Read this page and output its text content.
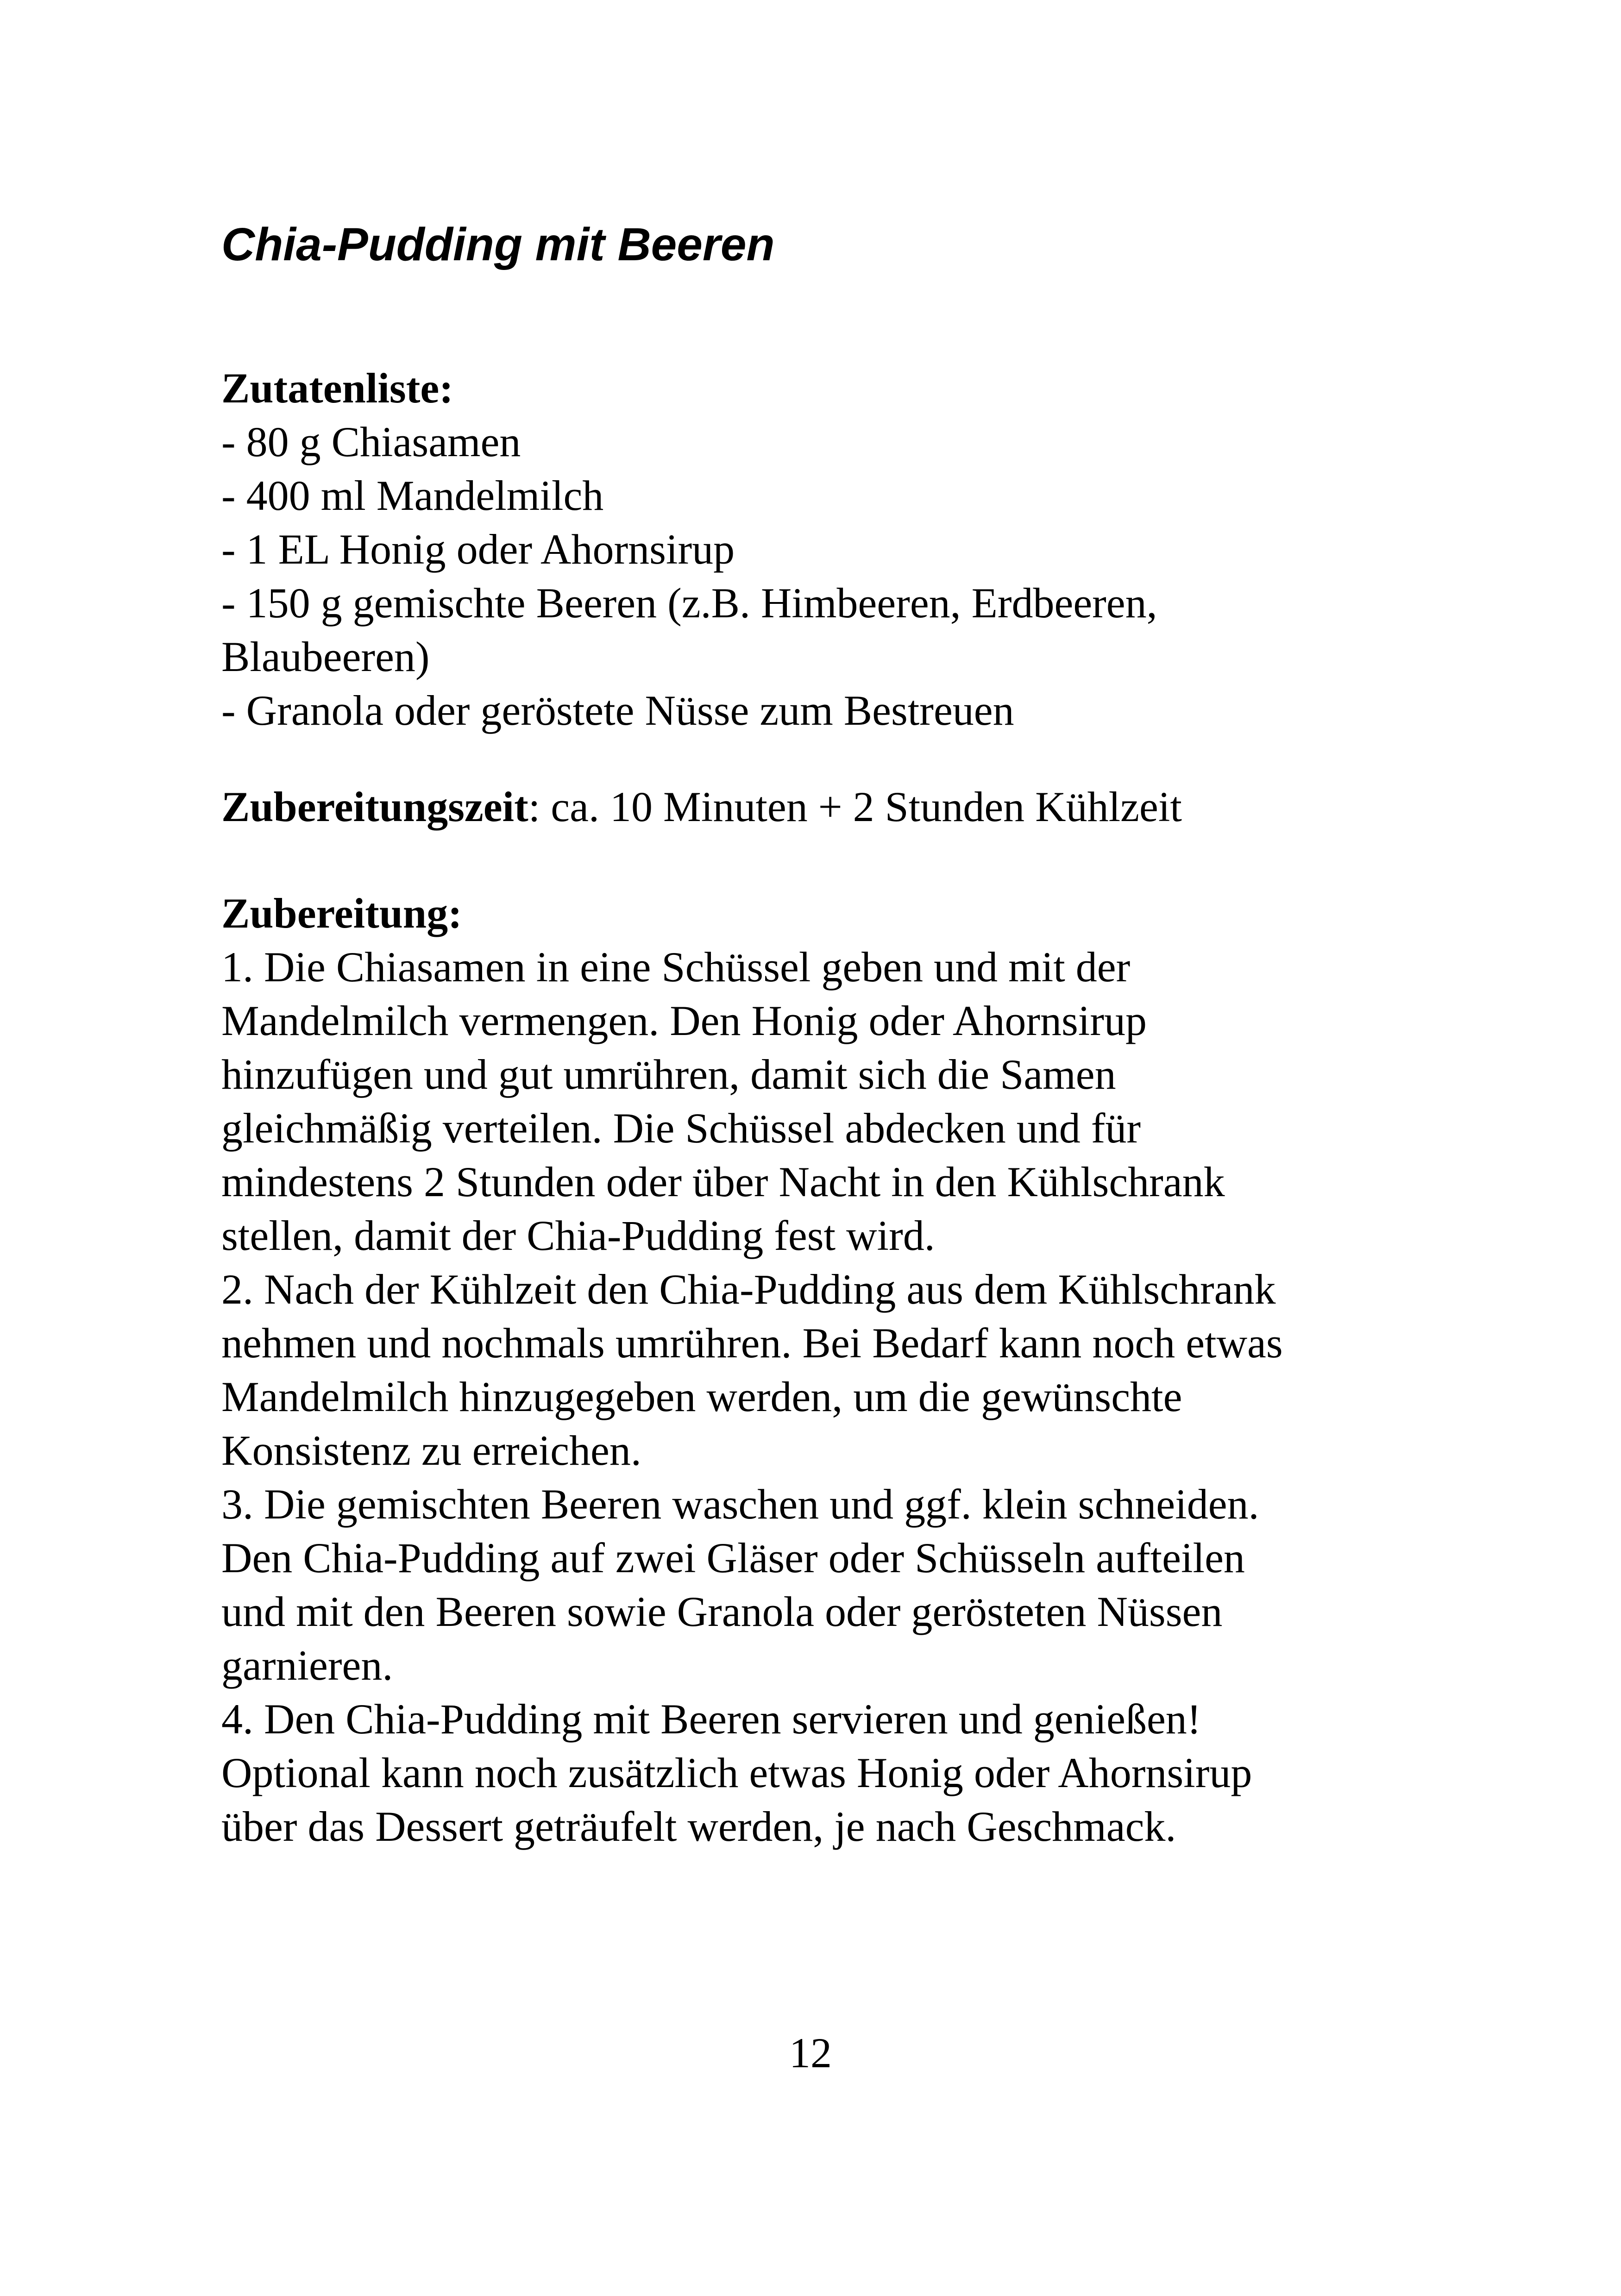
Chia-Pudding mit Beeren

Zutatenliste:

- 80 g Chiasamen

- 400 ml Mandelmilch

- 1 EL Honig oder Ahornsirup

- 150 g gemischte Beeren (z.B. Himbeeren, Erdbeeren,

Blaubeeren)

- Granola oder geröstete Nüsse zum Bestreuen

Zubereitungszeit: ca. 10 Minuten + 2 Stunden Kühlzeit

Zubereitung:

1. Die Chiasamen in eine Schüssel geben und mit der

Mandelmilch vermengen. Den Honig oder Ahornsirup

hinzufügen und gut umrühren, damit sich die Samen

gleichmäßig verteilen. Die Schüssel abdecken und für

mindestens 2 Stunden oder über Nacht in den Kühlschrank

stellen, damit der Chia-Pudding fest wird.

2. Nach der Kühlzeit den Chia-Pudding aus dem Kühlschrank

nehmen und nochmals umrühren. Bei Bedarf kann noch etwas

Mandelmilch hinzugegeben werden, um die gewünschte

Konsistenz zu erreichen.

3. Die gemischten Beeren waschen und ggf. klein schneiden.

Den Chia-Pudding auf zwei Gläser oder Schüsseln aufteilen

und mit den Beeren sowie Granola oder gerösteten Nüssen

garnieren.

4. Den Chia-Pudding mit Beeren servieren und genießen!

Optional kann noch zusätzlich etwas Honig oder Ahornsirup

über das Dessert geträufelt werden, je nach Geschmack.

12
